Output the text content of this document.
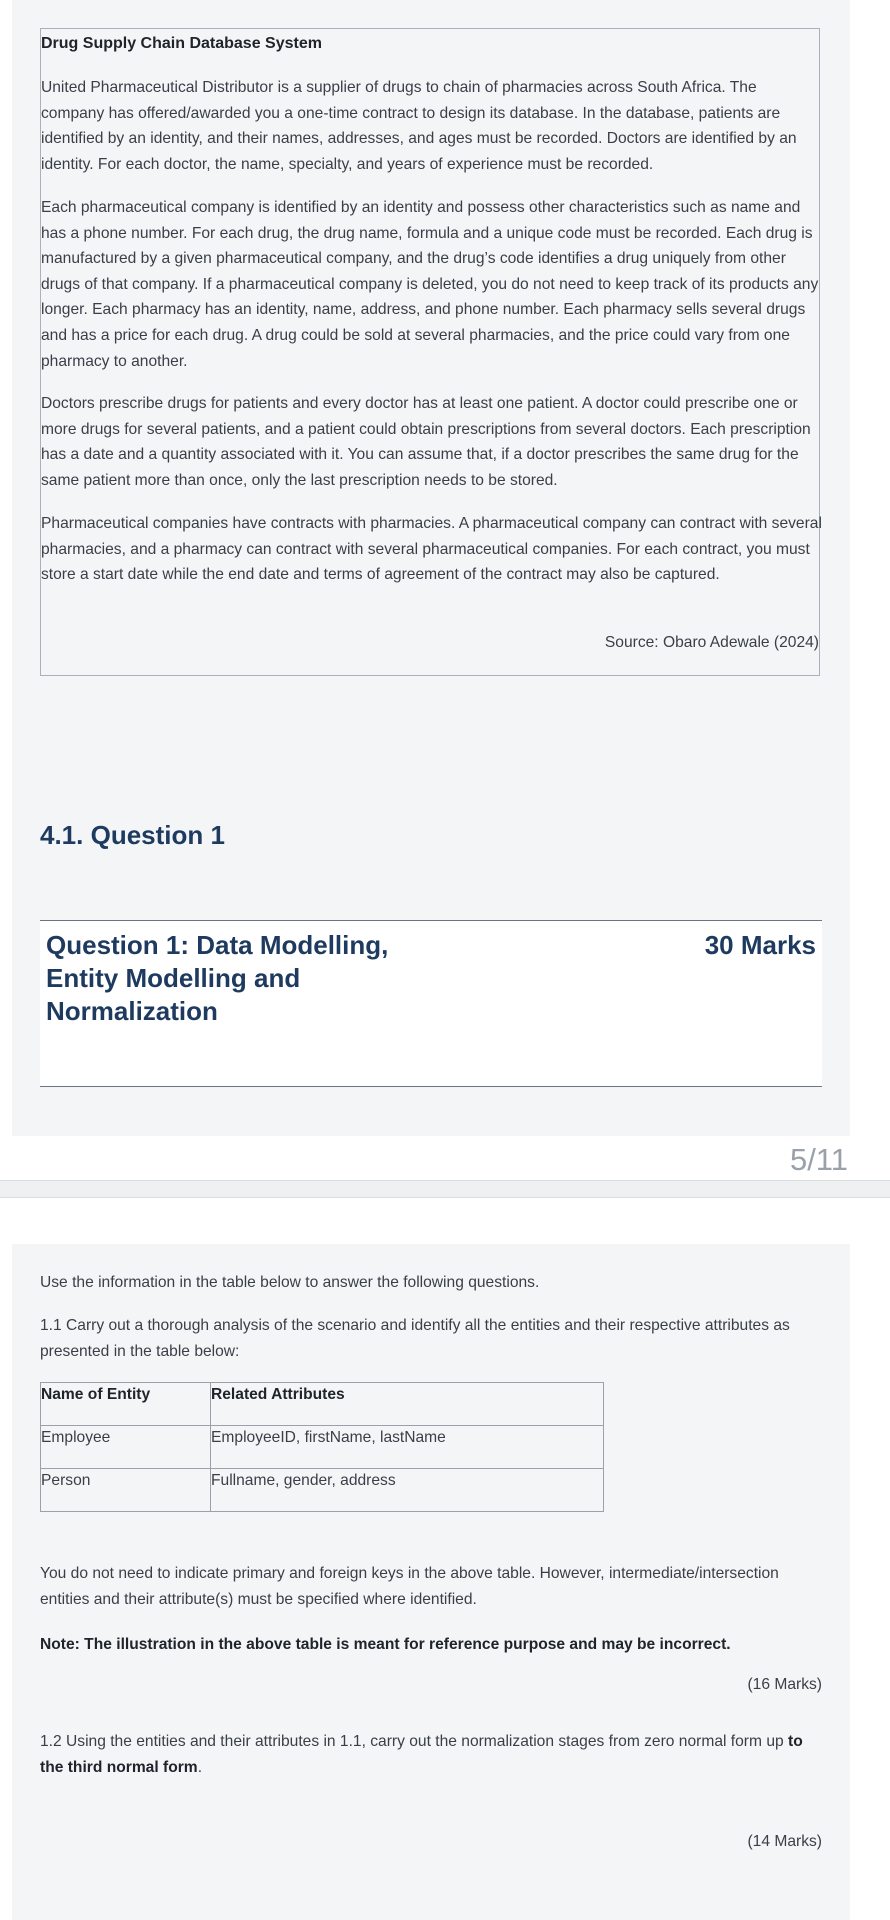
Drug Supply Chain Database System
United Pharmaceutical Distributor is a supplier of drugs to chain of pharmacies across South Africa. The company has offered/awarded you a one-time contract to design its database. In the database, patients are identified by an identity, and their names, addresses, and ages must be recorded. Doctors are identified by an identity. For each doctor, the name, specialty, and years of experience must be recorded.
Each pharmaceutical company is identified by an identity and possess other characteristics such as name and has a phone number. For each drug, the drug name, formula and a unique code must be recorded. Each drug is manufactured by a given pharmaceutical company, and the drug’s code identifies a drug uniquely from other drugs of that company. If a pharmaceutical company is deleted, you do not need to keep track of its products any longer. Each pharmacy has an identity, name, address, and phone number. Each pharmacy sells several drugs and has a price for each drug. A drug could be sold at several pharmacies, and the price could vary from one pharmacy to another.
Doctors prescribe drugs for patients and every doctor has at least one patient. A doctor could prescribe one or more drugs for several patients, and a patient could obtain prescriptions from several doctors. Each prescription has a date and a quantity associated with it. You can assume that, if a doctor prescribes the same drug for the same patient more than once, only the last prescription needs to be stored.
Pharmaceutical companies have contracts with pharmacies. A pharmaceutical company can contract with several pharmacies, and a pharmacy can contract with several pharmaceutical companies. For each contract, you must store a start date while the end date and terms of agreement of the contract may also be captured.
Source: Obaro Adewale (2024)
4.1. Question 1
Question 1: Data Modelling, Entity Modelling and Normalization
30 Marks
5/11
Use the information in the table below to answer the following questions.
1.1 Carry out a thorough analysis of the scenario and identify all the entities and their respective attributes as presented in the table below:
Name of Entity	Related Attributes
Employee	EmployeeID, firstName, lastName
Person	Fullname, gender, address
You do not need to indicate primary and foreign keys in the above table. However, intermediate/intersection entities and their attribute(s) must be specified where identified.
Note: The illustration in the above table is meant for reference purpose and may be incorrect.
(16 Marks)
1.2 Using the entities and their attributes in 1.1, carry out the normalization stages from zero normal form up to the third normal form.
(14 Marks)
